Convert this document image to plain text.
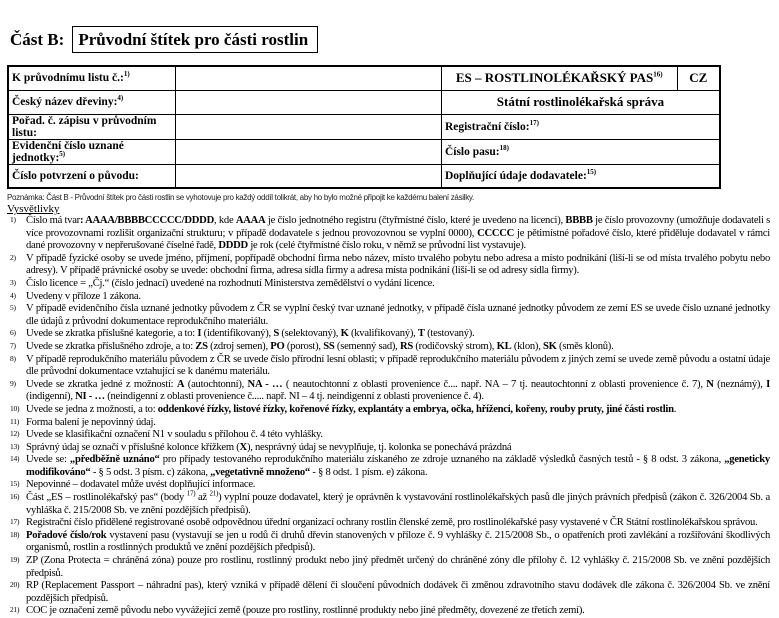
Část B: Průvodní štítek pro části rostlin
K průvodnímu listu č.:$^{1)}$		ES – ROSTLINOLÉKAŘSKÝ PAS$^{16)}$	CZ
Český název dřeviny:$^{4)}$		Státní rostlinolékařská správa	
Pořad. č. zápisu v průvodním listu:		Registrační číslo:$^{17)}$
Evidenční číslo uznané jednotky:$^{5)}$		Číslo pasu:$^{18)}$
Číslo potvrzení o původu:		Doplňující údaje dodavatele:$^{15)}$
Poznámka: Část B - Průvodní štítek pro části rostlin se vyhotovuje pro každý oddíl tolikrát, aby ho bylo možné připojit ke každému balení zásilky.
Vysvětlivky
1) Číslo má tvar: AAAA/BBBBCCCCC/DDDD, kde AAAA je číslo jednotného registru (čtyřmístné číslo, které je uvedeno na licenci), BBBB je číslo provozovny (umožňuje dodavateli s více provozovnami rozlišit organizační strukturu; v případě dodavatele s jednou provozovnou se vyplní 0000), CCCCC je pětimístné pořadové číslo, které přiděluje dodavatel v rámci dané provozovny v nepřerušované číselné řadě, DDDD je rok (celé čtyřmístné číslo roku, v němž se průvodní list vystavuje).
2) V případě fyzické osoby se uvede jméno, příjmení, popřípadě obchodní firma nebo název, místo trvalého pobytu nebo adresa a místo podnikání (liší-li se od místa trvalého pobytu nebo adresy). V případě právnické osoby se uvede: obchodní firma, adresa sídla firmy a adresa místa podnikání (liší-li se od adresy sídla firmy).
3) Číslo licence = „Čj.“ (číslo jednací) uvedené na rozhodnutí Ministerstva zemědělství o vydání licence.
4) Uvedeny v příloze 1 zákona.
5) V případě evidenčního čísla uznané jednotky původem z ČR se vyplní český tvar uznané jednotky, v případě čísla uznané jednotky původem ze zemí ES se uvede číslo uznané jednotky dle údajů z průvodní dokumentace reprodukčního materiálu.
6) Uvede se zkratka příslušné kategorie, a to: I (identifikovaný), S (selektovaný), K (kvalifikovaný), T (testovaný).
7) Uvede se zkratka příslušného zdroje, a to: ZS (zdroj semen), PO (porost), SS (semenný sad), RS (rodičovský strom), KL (klon), SK (směs klonů).
8) V případě reprodukčního materiálu původem z ČR se uvede číslo přírodní lesní oblasti; v případě reprodukčního materiálu původem z jiných zemí se uvede země původu a ostatní údaje dle průvodní dokumentace vztahující se k danému materiálu.
9) Uvede se zkratka jedné z možností: A (autochtonní), NA - … ( neautochtonní z oblasti provenience č.... např. NA – 7 tj. neautochtonní z oblasti provenience č. 7), N (neznámý), I (indigenní), NI - … (neindigenní z oblasti provenience č..... např. NI – 4 tj. neindigenní z oblasti provenience č. 4).
10) Uvede se jedna z možností, a to: oddenkové řízky, listové řízky, kořenové řízky, explantáty a embrya, očka, hříženci, kořeny, rouby pruty, jiné části rostlin.
11) Forma balení je nepovinný údaj.
12) Uvede se klasifikační označení N1 v souladu s přílohou č. 4 této vyhlášky.
13) Správný údaj se označí v příslušné kolonce křížkem (X), nesprávný údaj se nevyplňuje, tj. kolonka se ponechává prázdná
14) Uvede se: „předběžně uznáno“ pro případy testovaného reprodukčního materiálu získaného ze zdroje uznaného na základě výsledků časných testů - § 8 odst. 3 zákona, „geneticky modifikováno“ - § 5 odst. 3 písm. c) zákona, „vegetativně množeno“ - § 8 odst. 1 písm. e) zákona.
15) Nepovinné – dodavatel může uvést doplňující informace.
16) Část „ES – rostlinolékařský pas“ (body $^{17)}$ až $^{21)}$) vyplní pouze dodavatel, který je oprávněn k vystavování rostlinolékařských pasů dle jiných právních předpisů (zákon č. 326/2004 Sb. a vyhláška č. 215/2008 Sb. ve znění pozdějších předpisů).
17) Registrační číslo přidělené registrované osobě odpovědnou úřední organizací ochrany rostlin členské země, pro rostlinolékařské pasy vystavené v ČR Státní rostlinolékařskou správou.
18) Pořadové číslo/rok vystavení pasu (vystavují se jen u rodů či druhů dřevin stanovených v příloze č. 9 vyhlášky č. 215/2008 Sb., o opatřeních proti zavlékání a rozšiřování škodlivých organismů, rostlin a rostlinných produktů ve znění pozdějších předpisů).
19) ZP (Zona Protecta = chráněná zóna) pouze pro rostlinu, rostlinný produkt nebo jiný předmět určený do chráněné zóny dle přílohy č. 12 vyhlášky č. 215/2008 Sb. ve znění pozdějších předpisů.
20) RP (Replacement Passport – náhradní pas), který vzniká v případě dělení či sloučení původních dodávek či změnou zdravotního stavu dodávek dle zákona č. 326/2004 Sb. ve znění pozdějších předpisů.
21) COC je označení země původu nebo vyvážející země (pouze pro rostliny, rostlinné produkty nebo jiné předměty, dovezené ze třetích zemí).
